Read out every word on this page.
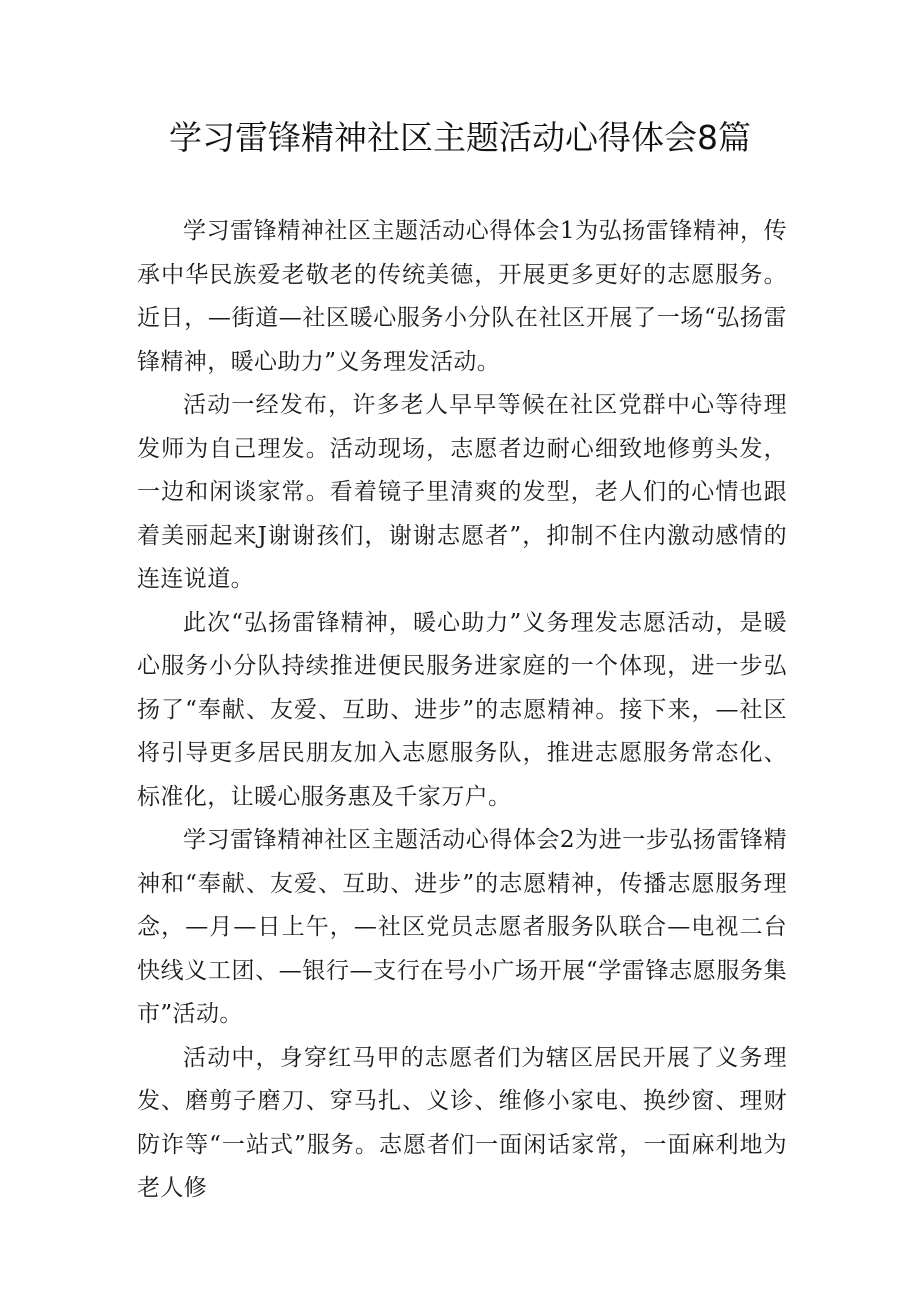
学习雷锋精神社区主题活动心得体会8篇

学习雷锋精神社区主题活动心得体会1为弘扬雷锋精神，传承中华民族爱老敬老的传统美德，开展更多更好的志愿服务。近日，—街道—社区暖心服务小分队在社区开展了一场“弘扬雷锋精神，暖心助力”义务理发活动。

活动一经发布，许多老人早早等候在社区党群中心等待理发师为自己理发。活动现场，志愿者边耐心细致地修剪头发，一边和闲谈家常。看着镜子里清爽的发型，老人们的心情也跟着美丽起来J谢谢孩们，谢谢志愿者”，抑制不住内激动感情的连连说道。

此次“弘扬雷锋精神，暖心助力”义务理发志愿活动，是暖心服务小分队持续推进便民服务进家庭的一个体现，进一步弘扬了“奉献、友爱、互助、进步”的志愿精神。接下来，—社区将引导更多居民朋友加入志愿服务队，推进志愿服务常态化、标准化，让暖心服务惠及千家万户。

学习雷锋精神社区主题活动心得体会2为进一步弘扬雷锋精神和“奉献、友爱、互助、进步”的志愿精神，传播志愿服务理念，—月—日上午，—社区党员志愿者服务队联合—电视二台快线义工团、—银行—支行在号小广场开展“学雷锋志愿服务集市”活动。

活动中，身穿红马甲的志愿者们为辖区居民开展了义务理发、磨剪子磨刀、穿马扎、义诊、维修小家电、换纱窗、理财防诈等“一站式”服务。志愿者们一面闲话家常，一面麻利地为老人修
